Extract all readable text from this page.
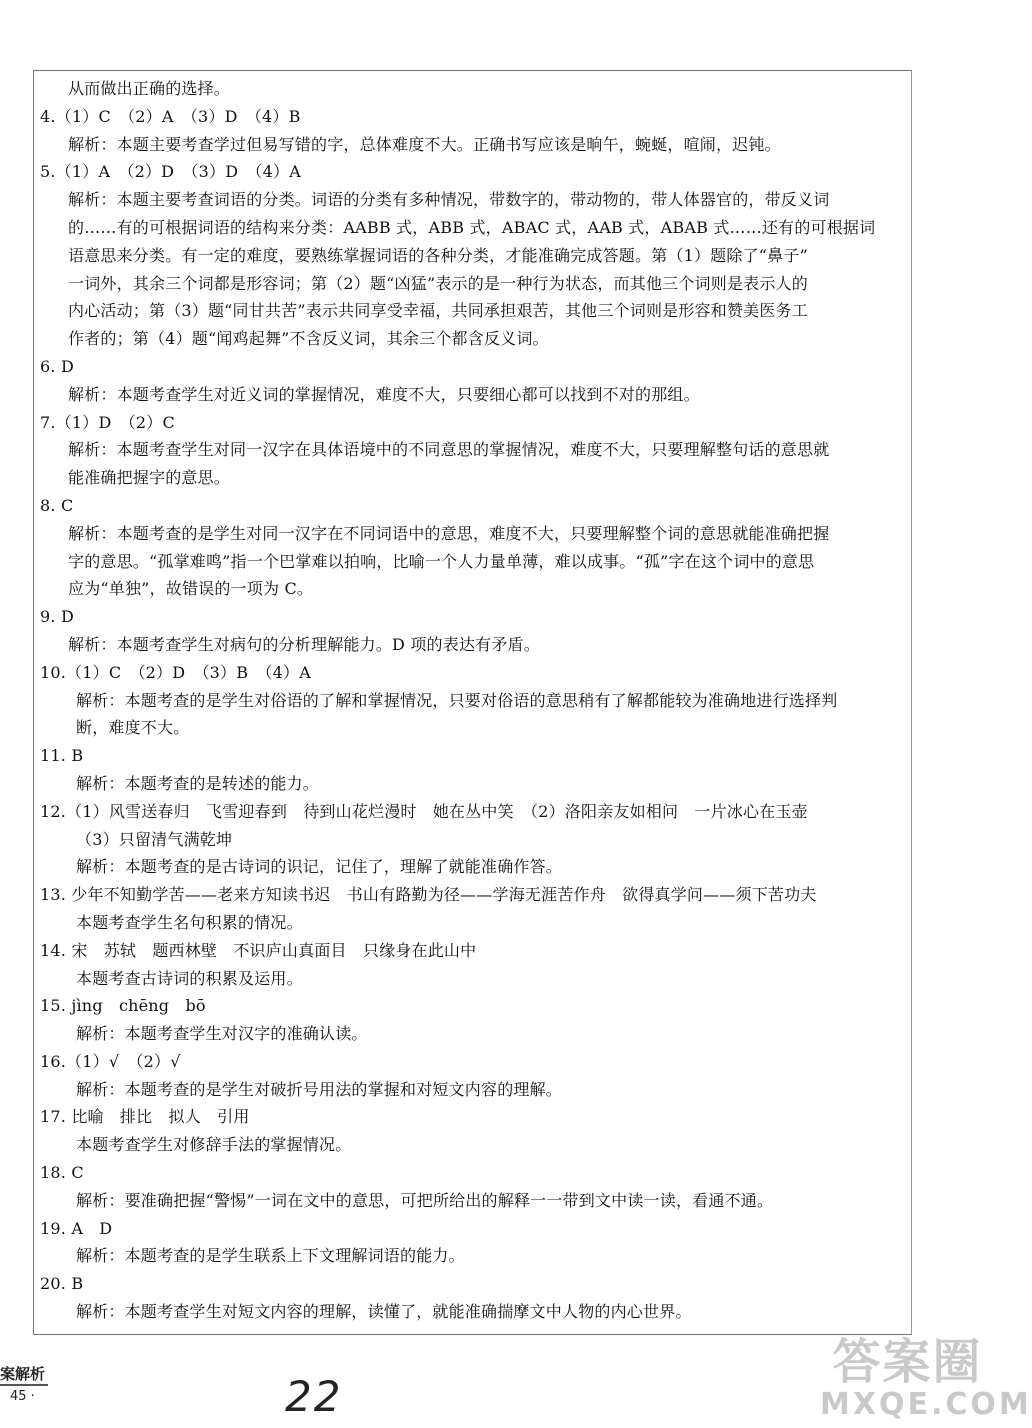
从而做出正确的选择。
4.（1）C　（2）A　（3）D　（4）B
解析：本题主要考查学过但易写错的字，总体难度不大。正确书写应该是晌午，蜿蜒，喧闹，迟钝。
5.（1）A　（2）D　（3）D　（4）A
解析：本题主要考查词语的分类。词语的分类有多种情况，带数字的，带动物的，带人体器官的，带反义词
的……有的可根据词语的结构来分类：AABB 式，ABB 式，ABAC 式，AAB 式，ABAB 式……还有的可根据词
语意思来分类。有一定的难度，要熟练掌握词语的各种分类，才能准确完成答题。第（1）题除了“鼻子”
一词外，其余三个词都是形容词；第（2）题“凶猛”表示的是一种行为状态，而其他三个词则是表示人的
内心活动；第（3）题“同甘共苦”表示共同享受幸福，共同承担艰苦，其他三个词则是形容和赞美医务工
作者的；第（4）题“闻鸡起舞”不含反义词，其余三个都含反义词。
6. D
解析：本题考查学生对近义词的掌握情况，难度不大，只要细心都可以找到不对的那组。
7.（1）D　（2）C
解析：本题考查学生对同一汉字在具体语境中的不同意思的掌握情况，难度不大，只要理解整句话的意思就
能准确把握字的意思。
8. C
解析：本题考查的是学生对同一汉字在不同词语中的意思，难度不大，只要理解整个词的意思就能准确把握
字的意思。“孤掌难鸣”指一个巴掌难以拍响，比喻一个人力量单薄，难以成事。“孤”字在这个词中的意思
应为“单独”，故错误的一项为 C。
9. D
解析：本题考查学生对病句的分析理解能力。D 项的表达有矛盾。
10.（1）C　（2）D　（3）B　（4）A
解析：本题考查的是学生对俗语的了解和掌握情况，只要对俗语的意思稍有了解都能较为准确地进行选择判
断，难度不大。
11. B
解析：本题考查的是转述的能力。
12.（1）风雪送春归　飞雪迎春到　待到山花烂漫时　她在丛中笑　（2）洛阳亲友如相问　一片冰心在玉壶
（3）只留清气满乾坤
解析：本题考查的是古诗词的识记，记住了，理解了就能准确作答。
13. 少年不知勤学苦——老来方知读书迟　书山有路勤为径——学海无涯苦作舟　欲得真学问——须下苦功夫
本题考查学生名句积累的情况。
14. 宋　苏轼　题西林壁　不识庐山真面目　只缘身在此山中
本题考查古诗词的积累及运用。
15. jìng　chēng　bō
解析：本题考查学生对汉字的准确认读。
16.（1）√　（2）√
解析：本题考查的是学生对破折号用法的掌握和对短文内容的理解。
17. 比喻　排比　拟人　引用
本题考查学生对修辞手法的掌握情况。
18. C
解析：要准确把握“警惕”一词在文中的意思，可把所给出的解释一一带到文中读一读，看通不通。
19. A　D
解析：本题考查的是学生联系上下文理解词语的能力。
20. B
解析：本题考查学生对短文内容的理解，读懂了，就能准确揣摩文中人物的内心世界。
案解析
45 ·	22
答案圈
MXQE.COM
